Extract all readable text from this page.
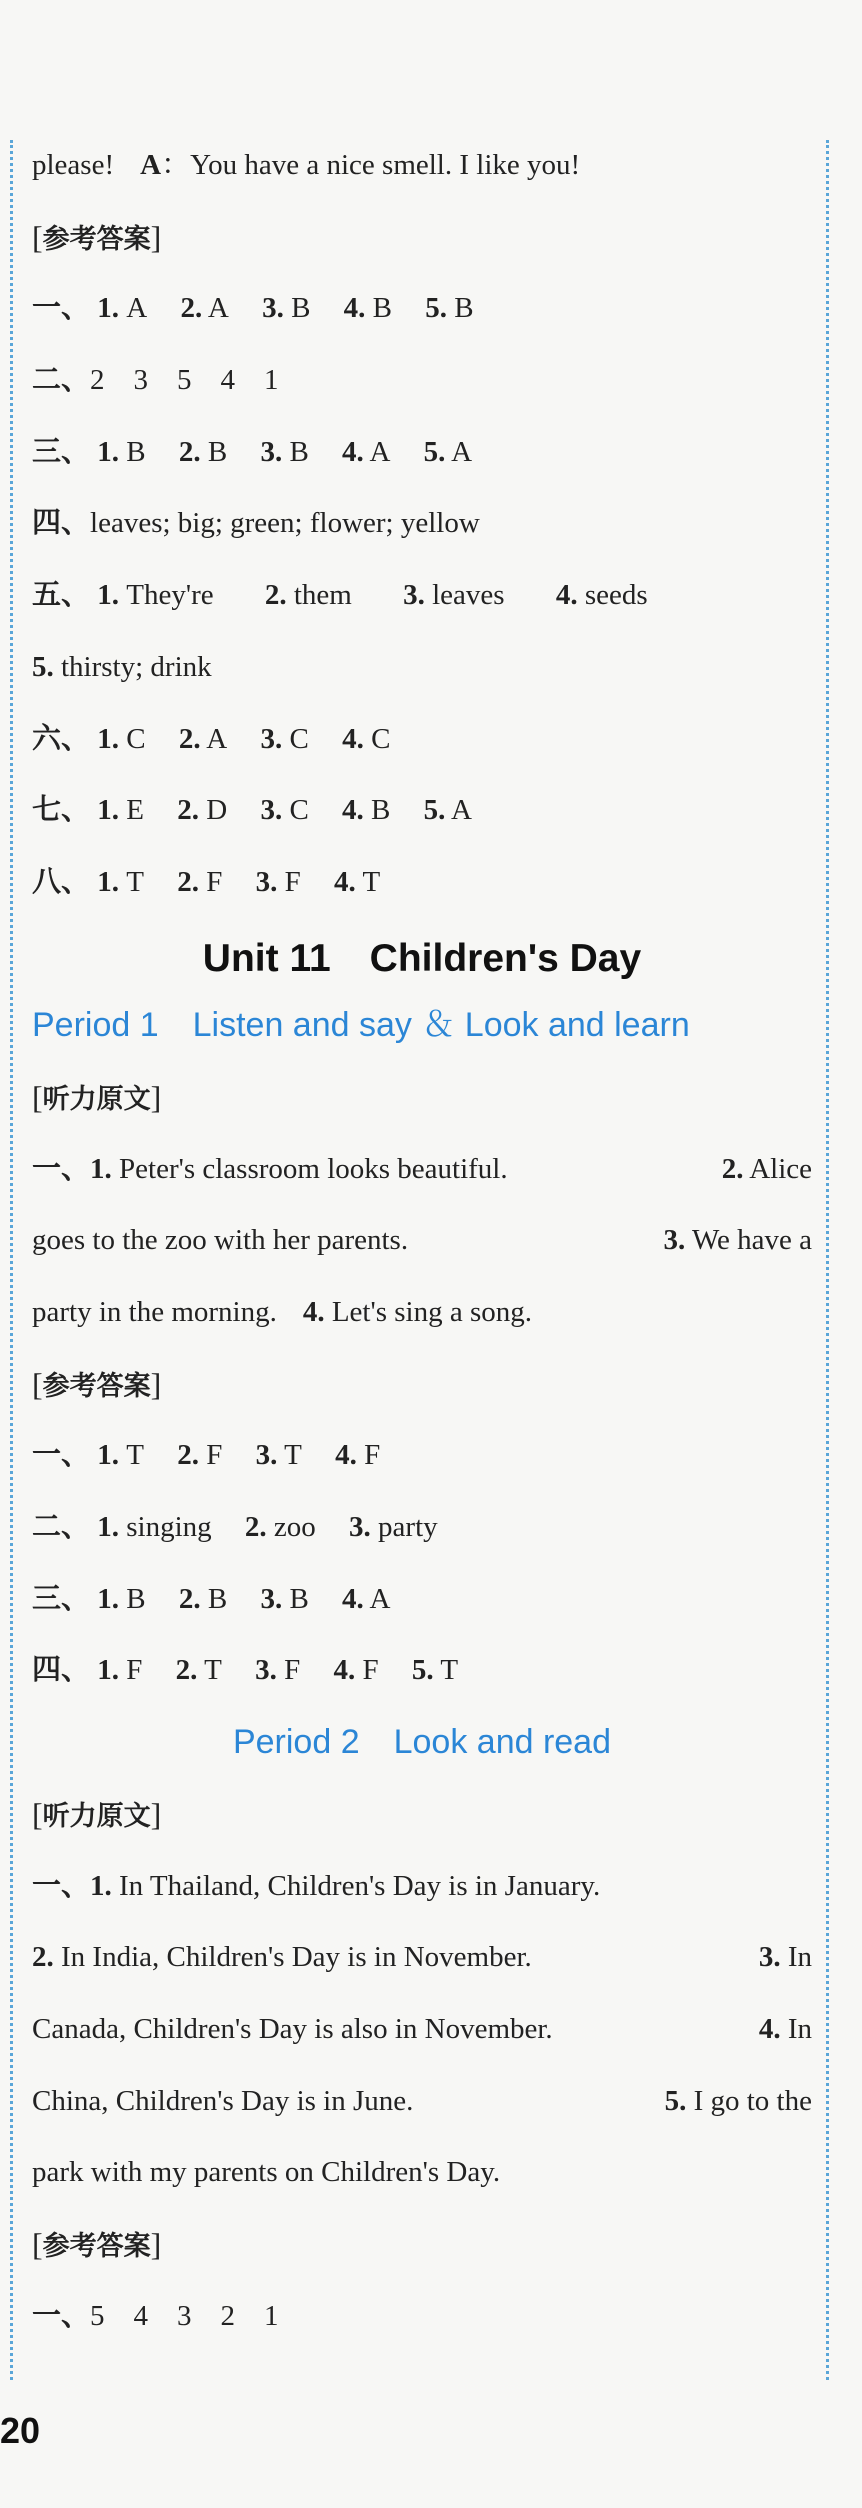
please! A：You have a nice smell. I like you!
[参考答案]
一、 1. A 2. A 3. B 4. B 5. B
二、2　3　5　4　1
三、 1. B 2. B 3. B 4. A 5. A
四、leaves; big; green; flower; yellow
五、 1. They're 2. them 3. leaves 4. seeds
5. thirsty; drink
六、 1. C 2. A 3. C 4. C
七、 1. E 2. D 3. C 4. B 5. A
八、 1. T 2. F 3. F 4. T
Unit 11　Children's Day
Period 1　Listen and say ＆ Look and learn
[听力原文]
一、1. Peter's classroom looks beautiful.	2. Alice
goes to the zoo with her parents.	3. We have a
party in the morning. 4. Let's sing a song.
[参考答案]
一、 1. T 2. F 3. T 4. F
二、 1. singing 2. zoo 3. party
三、 1. B 2. B 3. B 4. A
四、 1. F 2. T 3. F 4. F 5. T
Period 2　Look and read
[听力原文]
一、1. In Thailand, Children's Day is in January.
2. In India, Children's Day is in November.	3. In
Canada, Children's Day is also in November.	4. In
China, Children's Day is in June.	5. I go to the
park with my parents on Children's Day.
[参考答案]
一、5　4　3　2　1
20
